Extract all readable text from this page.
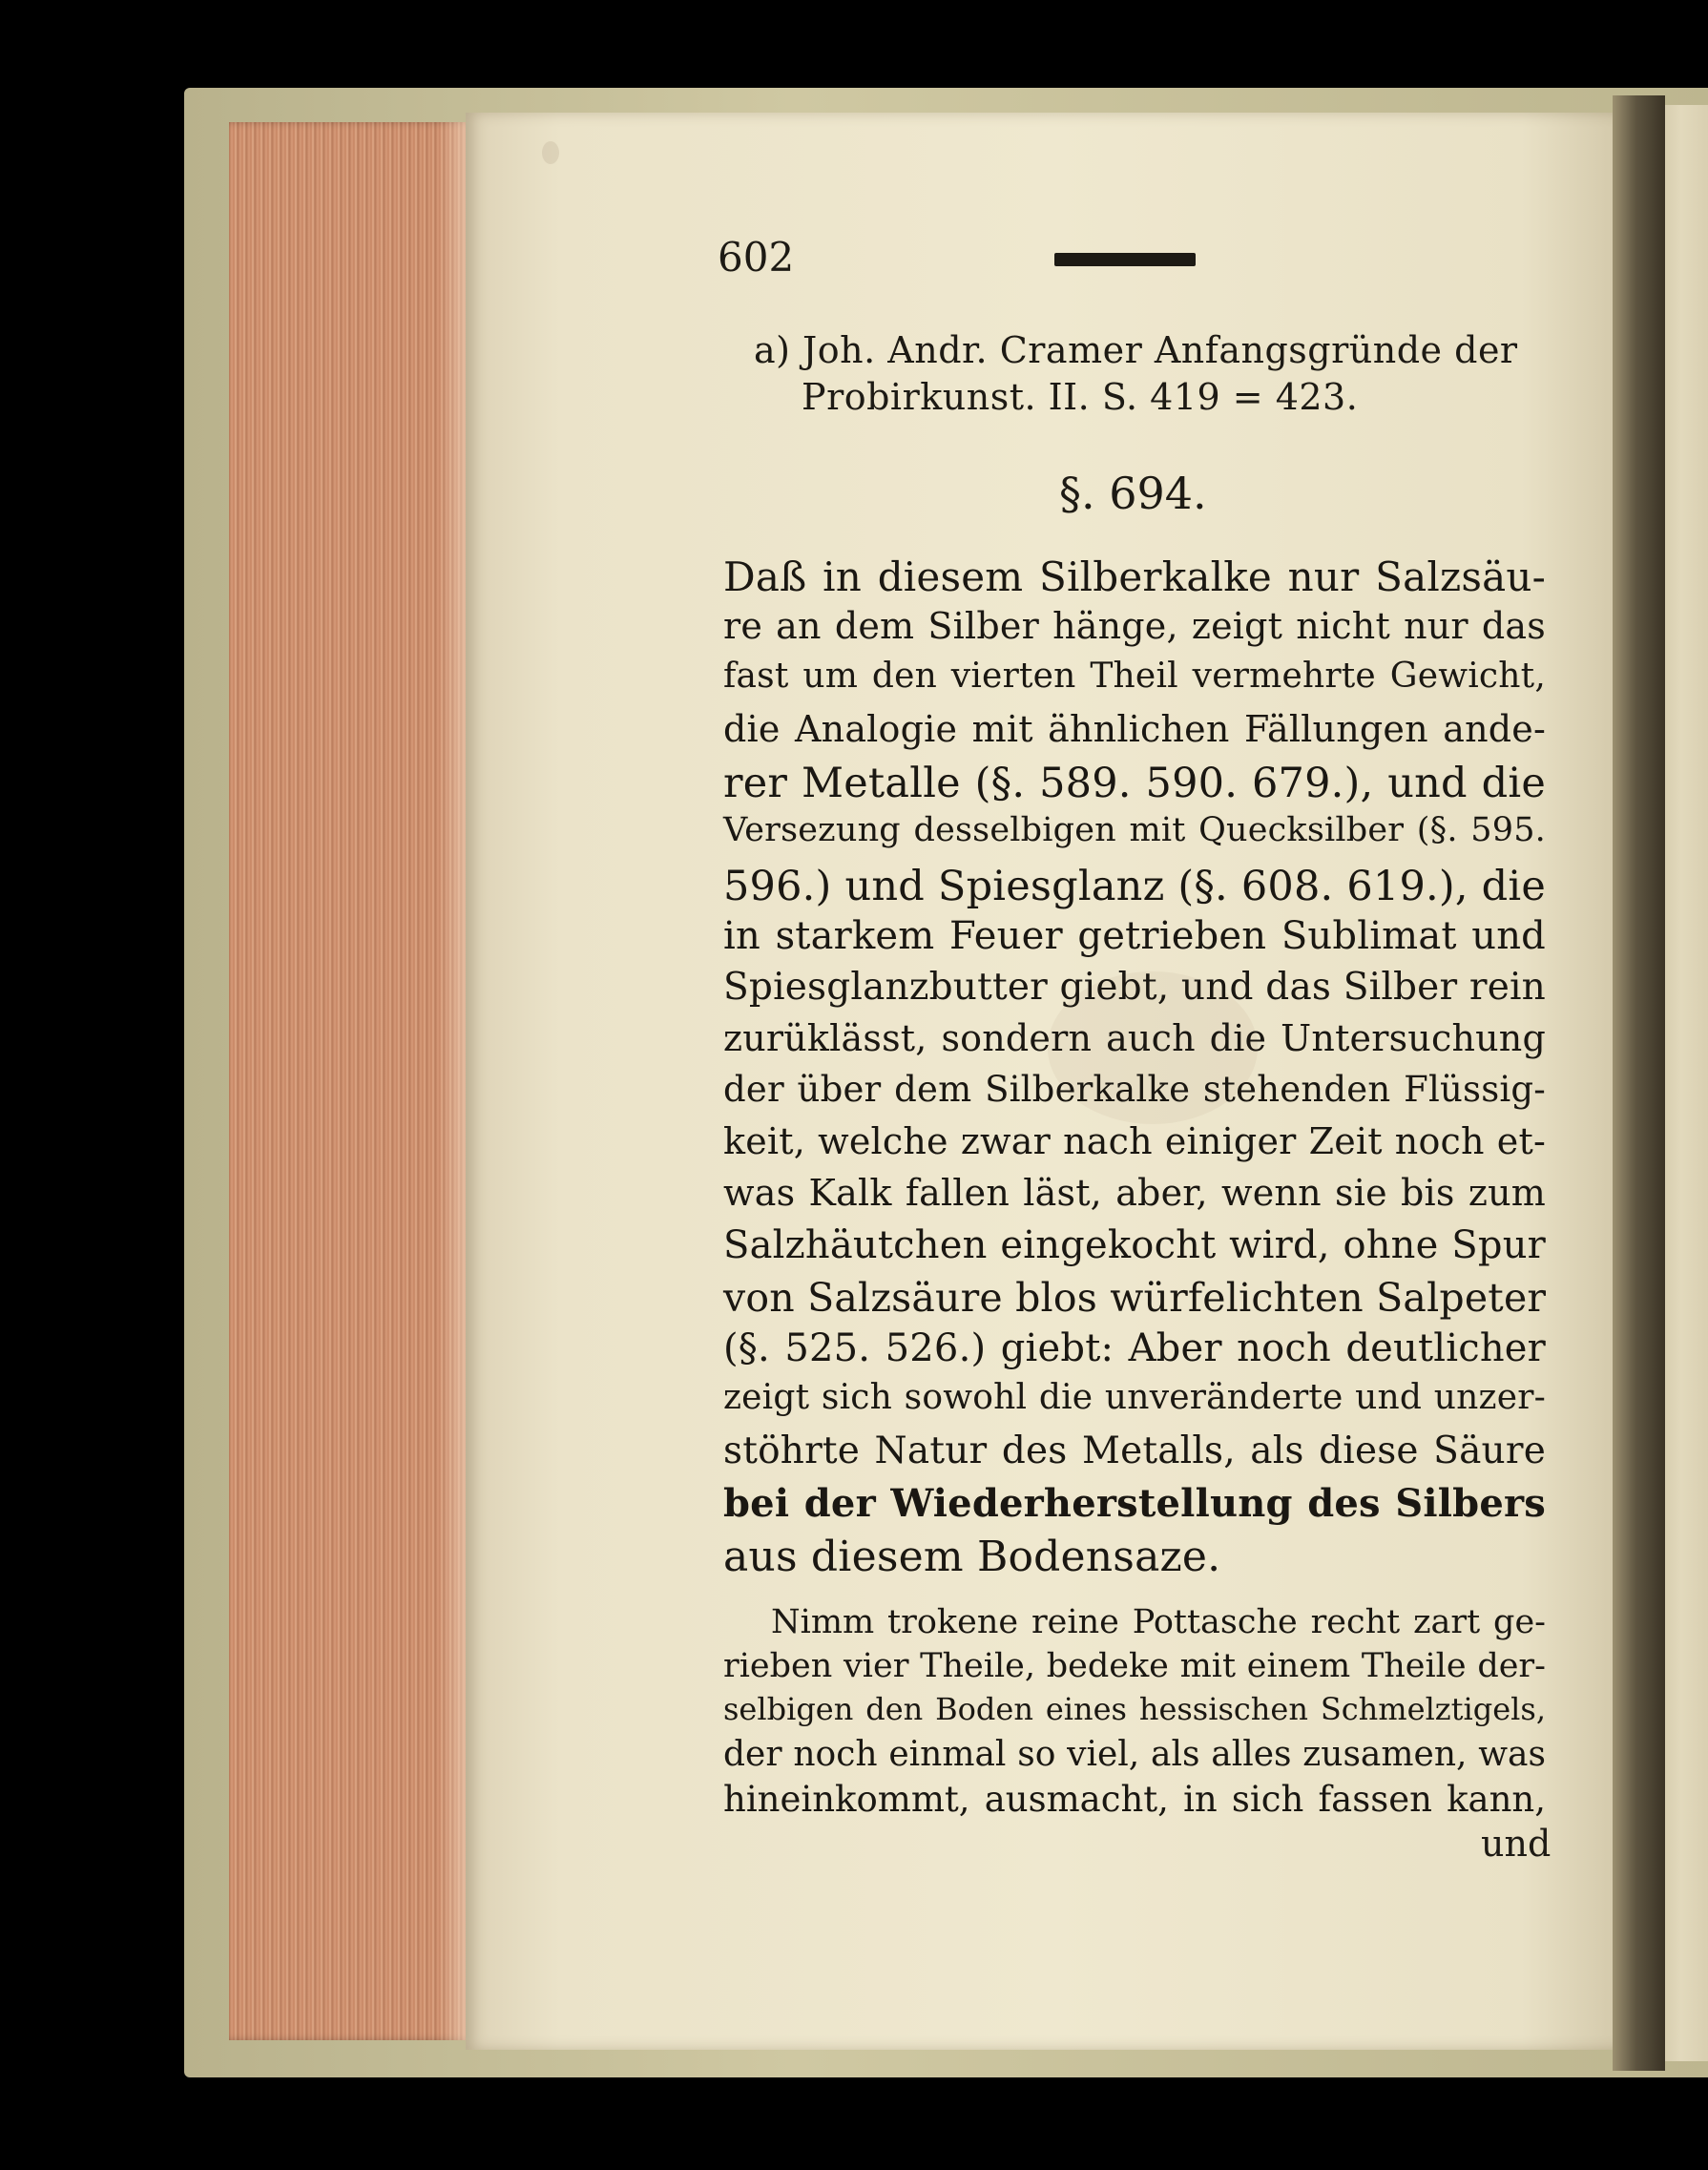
602
a) Joh. Andr. Cramer Anfangsgründe der
Probirkunst. II. S. 419 = 423.
§. 694.
Daß in diesem Silberkalke nur Salzsäu-
re an dem Silber hänge, zeigt nicht nur das
fast um den vierten Theil vermehrte Gewicht,
die Analogie mit ähnlichen Fällungen ande-
rer Metalle (§. 589. 590. 679.), und die
Versezung desselbigen mit Quecksilber (§. 595.
596.) und Spiesglanz (§. 608. 619.), die
in starkem Feuer getrieben Sublimat und
Spiesglanzbutter giebt, und das Silber rein
zurüklässt, sondern auch die Untersuchung
der über dem Silberkalke stehenden Flüssig-
keit, welche zwar nach einiger Zeit noch et-
was Kalk fallen läst, aber, wenn sie bis zum
Salzhäutchen eingekocht wird, ohne Spur
von Salzsäure blos würfelichten Salpeter
(§. 525. 526.) giebt: Aber noch deutlicher
zeigt sich sowohl die unveränderte und unzer-
stöhrte Natur des Metalls, als diese Säure
bei der Wiederherstellung des Silbers
aus diesem Bodensaze.
Nimm trokene reine Pottasche recht zart ge-
rieben vier Theile, bedeke mit einem Theile der-
selbigen den Boden eines hessischen Schmelztigels,
der noch einmal so viel, als alles zusamen, was
hineinkommt, ausmacht, in sich fassen kann,
und
